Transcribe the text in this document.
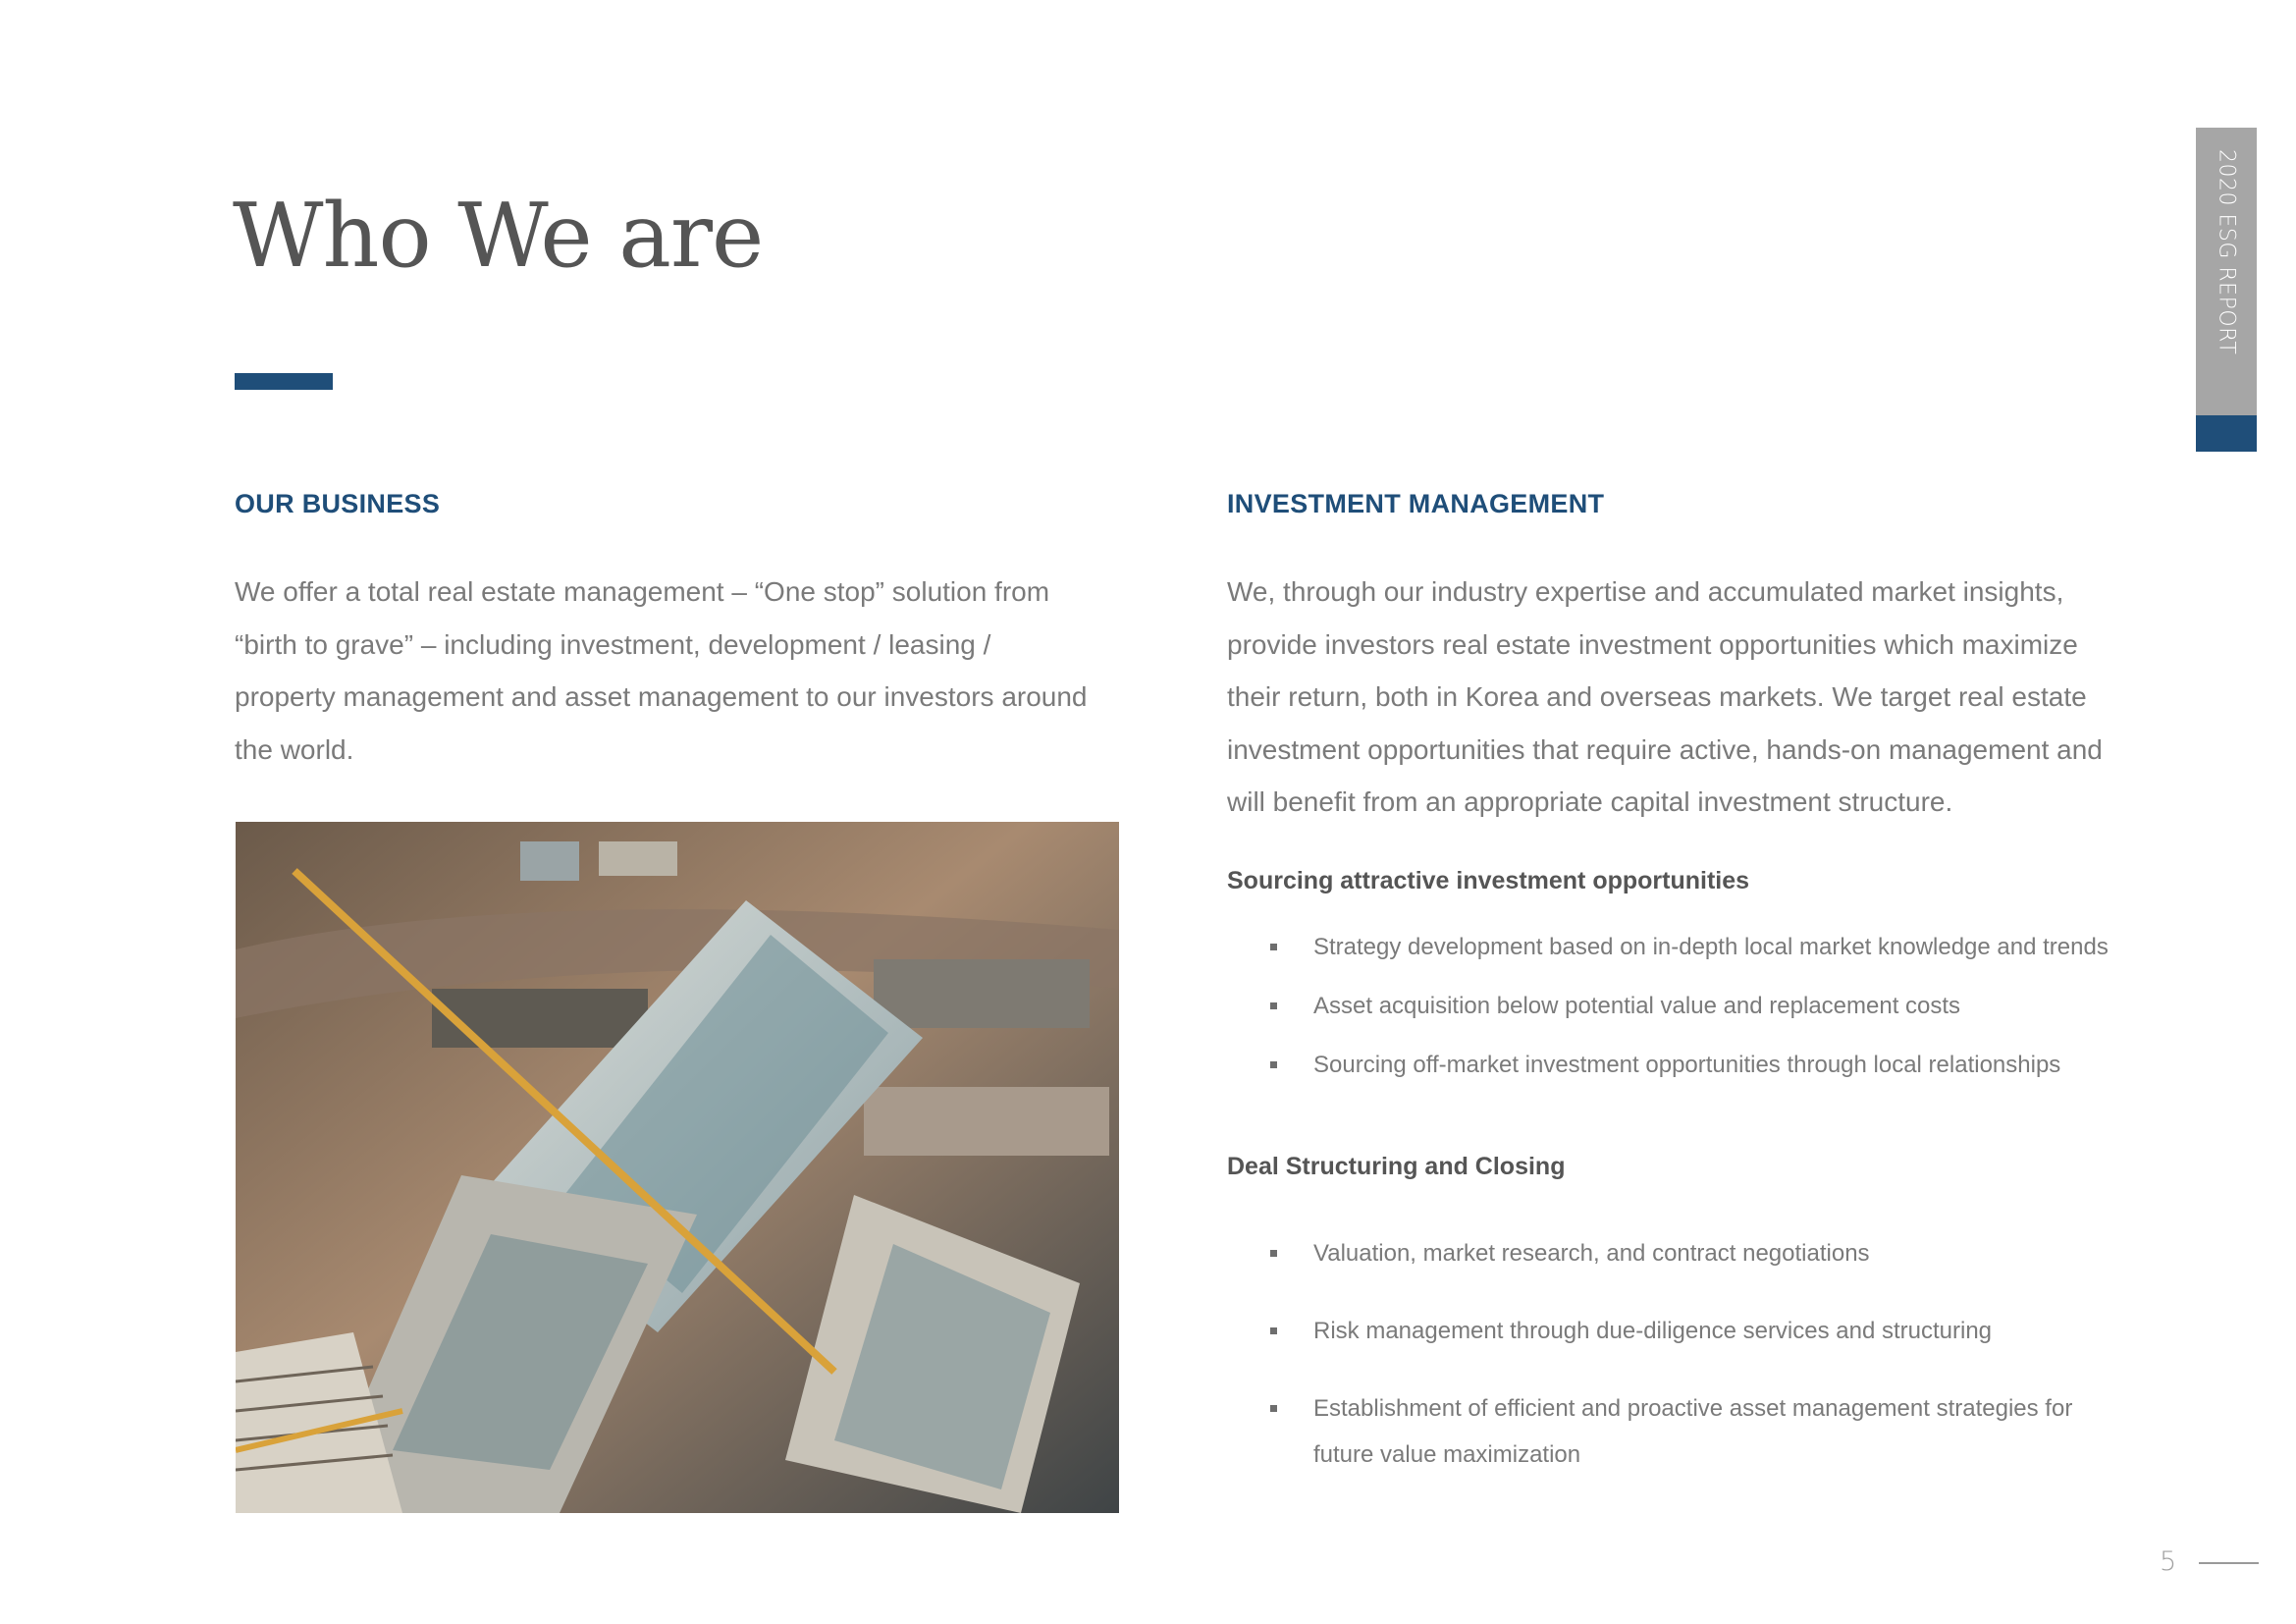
Who We are	2020 ESG REPORT
OUR BUSINESS

We offer a total real estate management – “One stop” solution from “birth to grave” – including investment, development / leasing / property management and asset management to our investors around the world.

INVESTMENT MANAGEMENT

We, through our industry expertise and accumulated market insights, provide investors real estate investment opportunities which maximize their return, both in Korea and overseas markets. We target real estate investment opportunities that require active, hands-on management and will benefit from an appropriate capital investment structure.

Sourcing attractive investment opportunities
Strategy development based on in-depth local market knowledge and trends
Asset acquisition below potential value and replacement costs
Sourcing off-market investment opportunities through local relationships
Deal Structuring and Closing
Valuation, market research, and contract negotiations
Risk management through due-diligence services and structuring
Establishment of efficient and proactive asset management strategies for future value maximization
5
